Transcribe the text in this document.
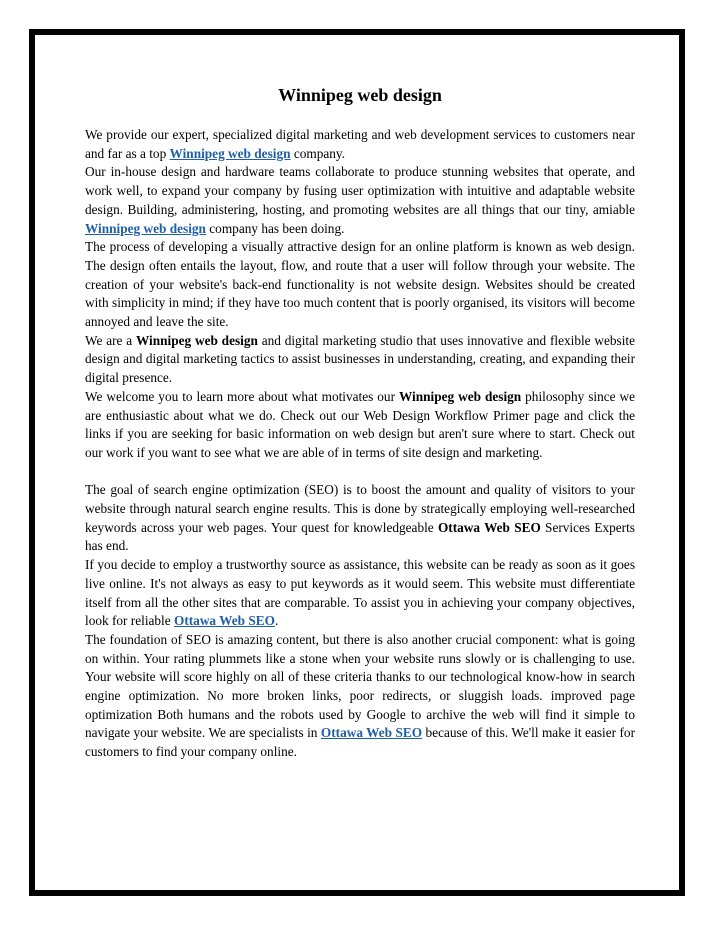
Winnipeg web design

We provide our expert, specialized digital marketing and web development services to customers near and far as a top Winnipeg web design company.

Our in-house design and hardware teams collaborate to produce stunning websites that operate, and work well, to expand your company by fusing user optimization with intuitive and adaptable website design. Building, administering, hosting, and promoting websites are all things that our tiny, amiable Winnipeg web design company has been doing.

The process of developing a visually attractive design for an online platform is known as web design. The design often entails the layout, flow, and route that a user will follow through your website. The creation of your website's back-end functionality is not website design. Websites should be created with simplicity in mind; if they have too much content that is poorly organised, its visitors will become annoyed and leave the site.

We are a Winnipeg web design and digital marketing studio that uses innovative and flexible website design and digital marketing tactics to assist businesses in understanding, creating, and expanding their digital presence.

We welcome you to learn more about what motivates our Winnipeg web design philosophy since we are enthusiastic about what we do. Check out our Web Design Workflow Primer page and click the links if you are seeking for basic information on web design but aren't sure where to start. Check out our work if you want to see what we are able of in terms of site design and marketing.

The goal of search engine optimization (SEO) is to boost the amount and quality of visitors to your website through natural search engine results. This is done by strategically employing well-researched keywords across your web pages. Your quest for knowledgeable Ottawa Web SEO Services Experts has end.

If you decide to employ a trustworthy source as assistance, this website can be ready as soon as it goes live online. It's not always as easy to put keywords as it would seem. This website must differentiate itself from all the other sites that are comparable. To assist you in achieving your company objectives, look for reliable Ottawa Web SEO.

The foundation of SEO is amazing content, but there is also another crucial component: what is going on within. Your rating plummets like a stone when your website runs slowly or is challenging to use. Your website will score highly on all of these criteria thanks to our technological know-how in search engine optimization. No more broken links, poor redirects, or sluggish loads. improved page optimization Both humans and the robots used by Google to archive the web will find it simple to navigate your website. We are specialists in Ottawa Web SEO because of this. We'll make it easier for customers to find your company online.
